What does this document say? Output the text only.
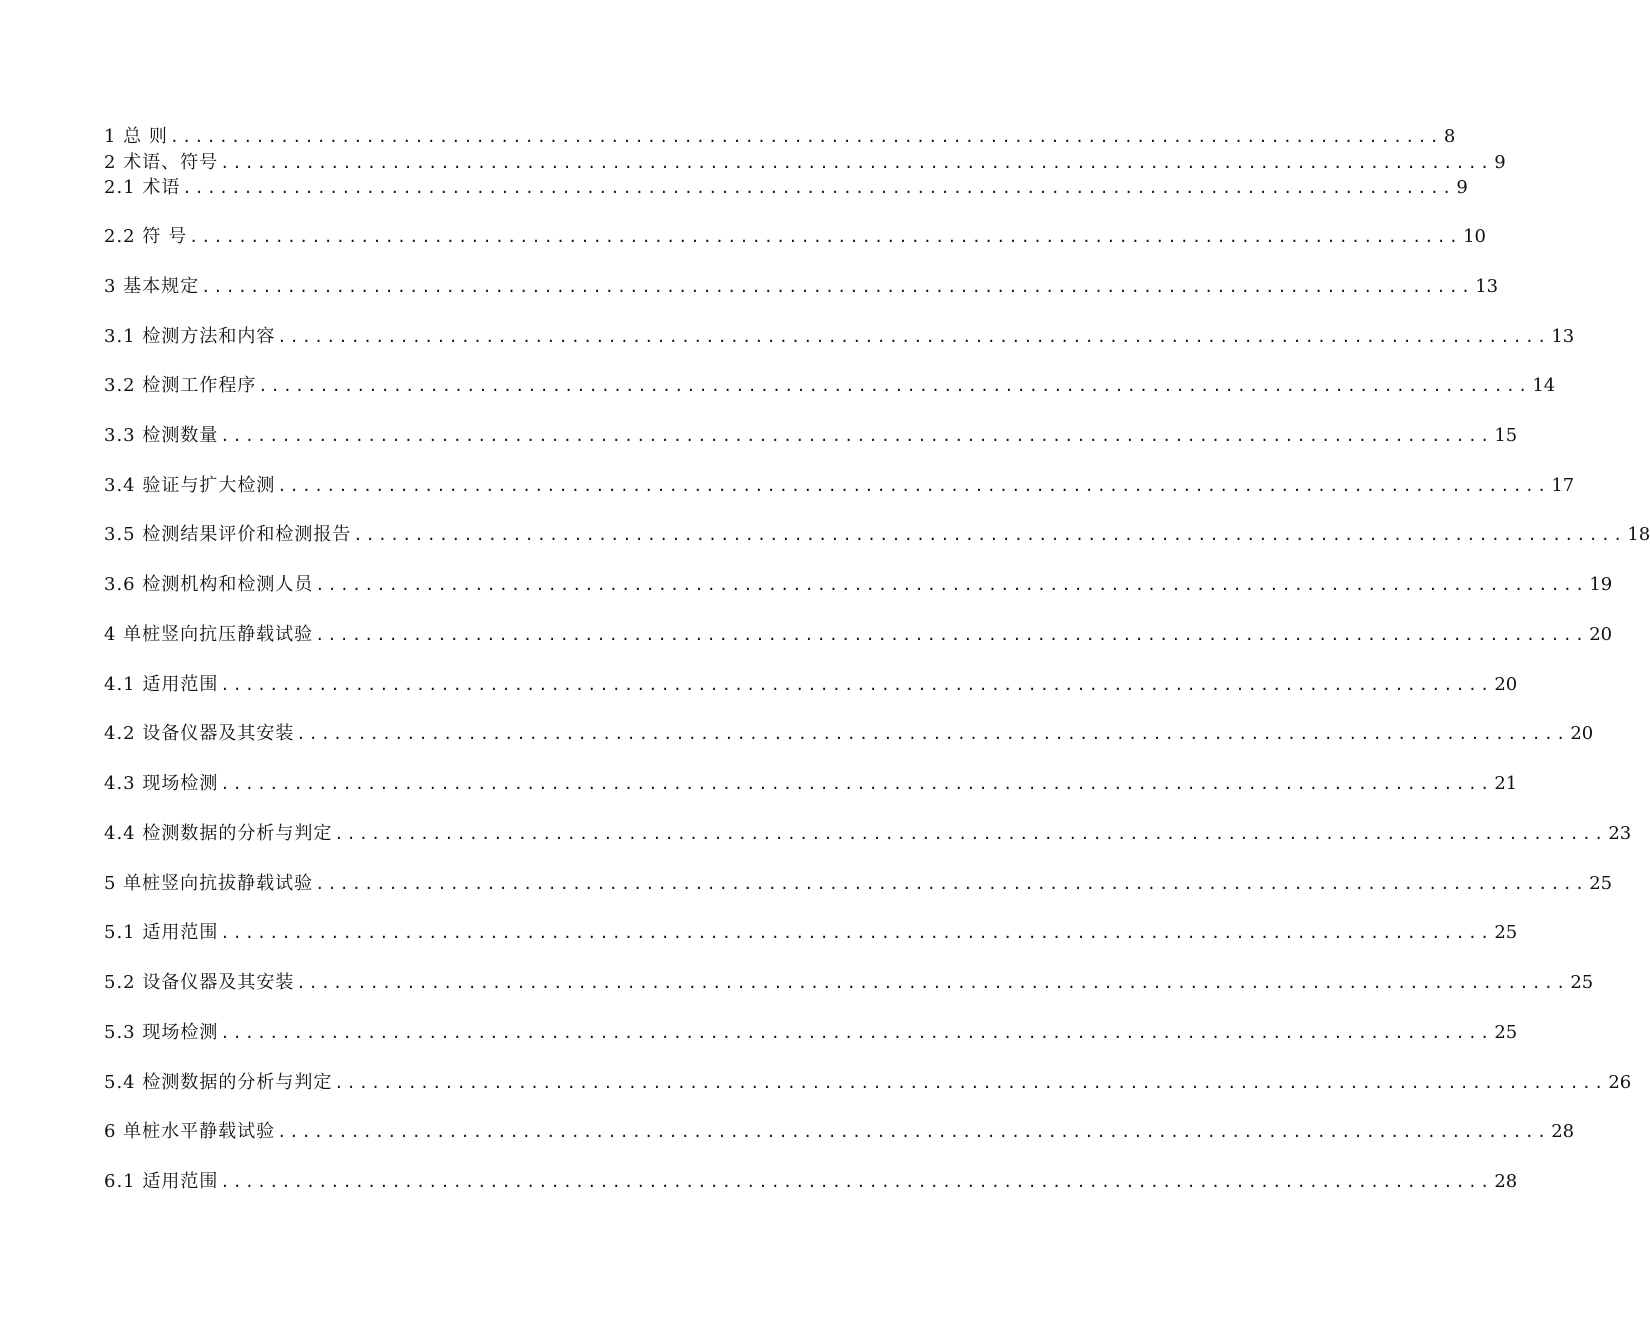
1 总 则 ........................................................................................................ 8
2 术语、符号 ........................................................................................................ 9
2.1 术语 ........................................................................................................ 9
2.2 符 号 ........................................................................................................ 10
3 基本规定 ........................................................................................................ 13
3.1 检测方法和内容 ........................................................................................................ 13
3.2 检测工作程序 ........................................................................................................ 14
3.3 检测数量 ........................................................................................................ 15
3.4 验证与扩大检测 ........................................................................................................ 17
3.5 检测结果评价和检测报告 ........................................................................................................ 18
3.6 检测机构和检测人员 ........................................................................................................ 19
4 单桩竖向抗压静载试验 ........................................................................................................ 20
4.1 适用范围 ........................................................................................................ 20
4.2 设备仪器及其安装 ........................................................................................................ 20
4.3 现场检测 ........................................................................................................ 21
4.4 检测数据的分析与判定 ........................................................................................................ 23
5 单桩竖向抗拔静载试验 ........................................................................................................ 25
5.1 适用范围 ........................................................................................................ 25
5.2 设备仪器及其安装 ........................................................................................................ 25
5.3 现场检测 ........................................................................................................ 25
5.4 检测数据的分析与判定 ........................................................................................................ 26
6 单桩水平静载试验 ........................................................................................................ 28
6.1 适用范围 ........................................................................................................ 28
